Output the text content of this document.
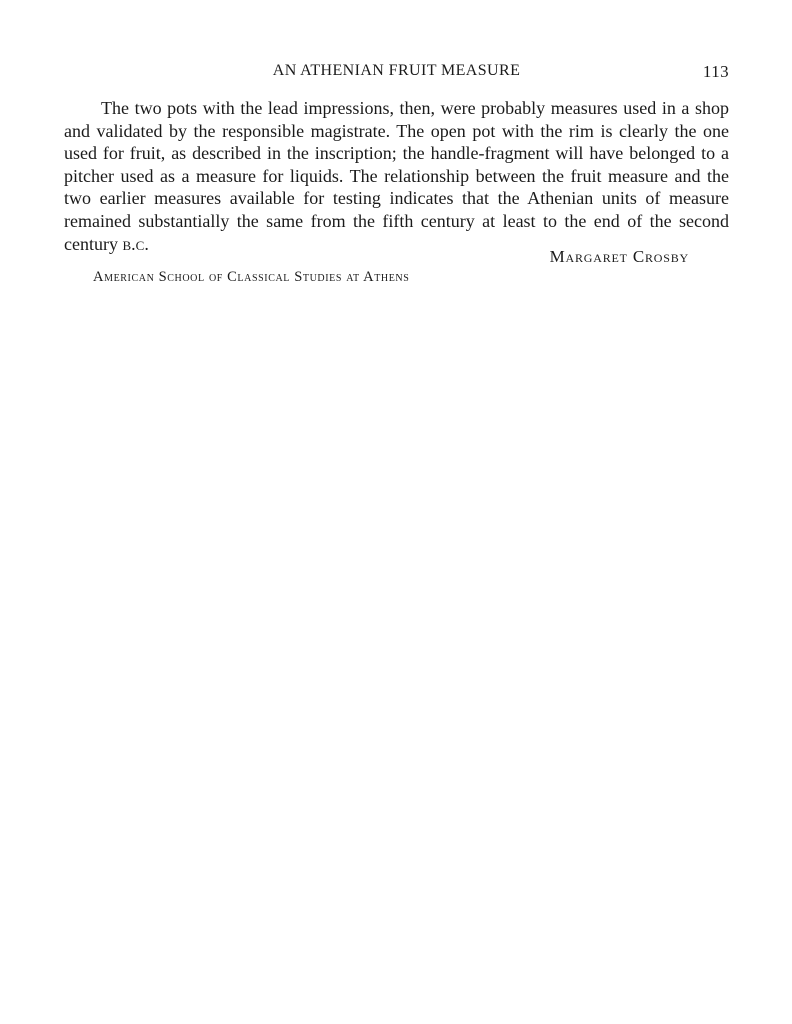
AN ATHENIAN FRUIT MEASURE	113

The two pots with the lead impressions, then, were probably measures used in a shop and validated by the responsible magistrate. The open pot with the rim is clearly the one used for fruit, as described in the inscription; the handle-fragment will have belonged to a pitcher used as a measure for liquids. The relationship between the fruit measure and the two earlier measures available for testing indicates that the Athenian units of measure remained substantially the same from the fifth century at least to the end of the second century b.c.

Margaret Crosby
American School of Classical Studies at Athens
